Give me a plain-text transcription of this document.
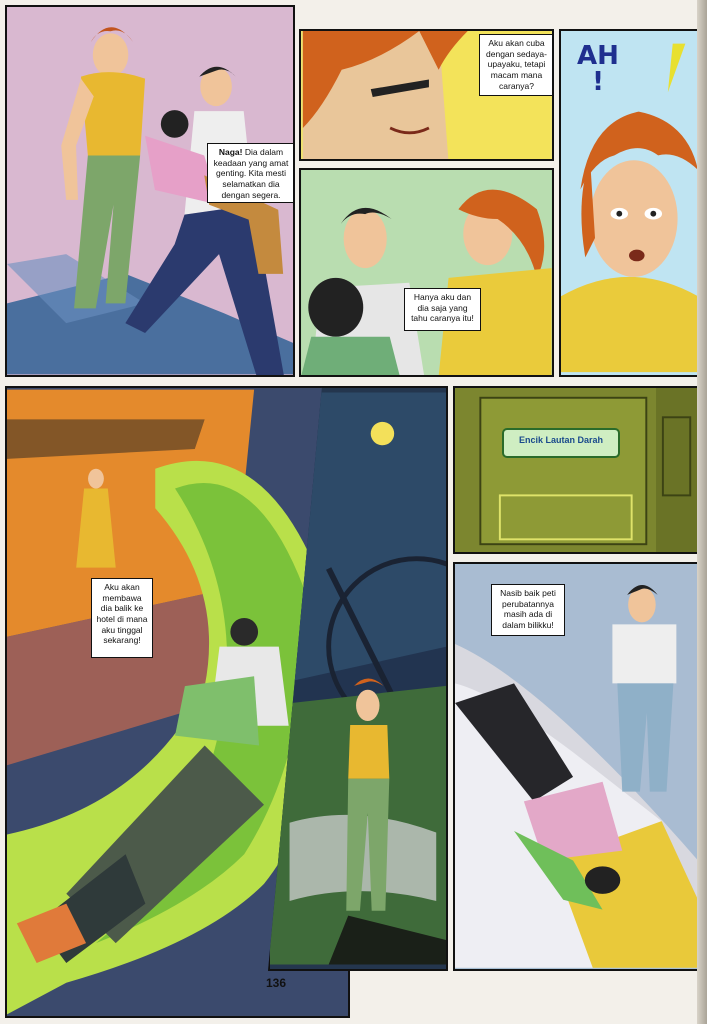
Naga! Dia dalam
keadaan yang amat
genting. Kita mesti
selamatkan dia
dengan segera.
Aku akan cuba
dengan sedaya-
upayaku, tetapi
macam mana
caranya?
AH
!
Hanya aku dan
dia saja yang
tahu caranya itu!
Aku akan
membawa
dia balik ke
hotel di mana
aku tinggal
sekarang!
Encik Lautan Darah
Nasib baik peti
perubatannya
masih ada di
dalam bilikku!
136
